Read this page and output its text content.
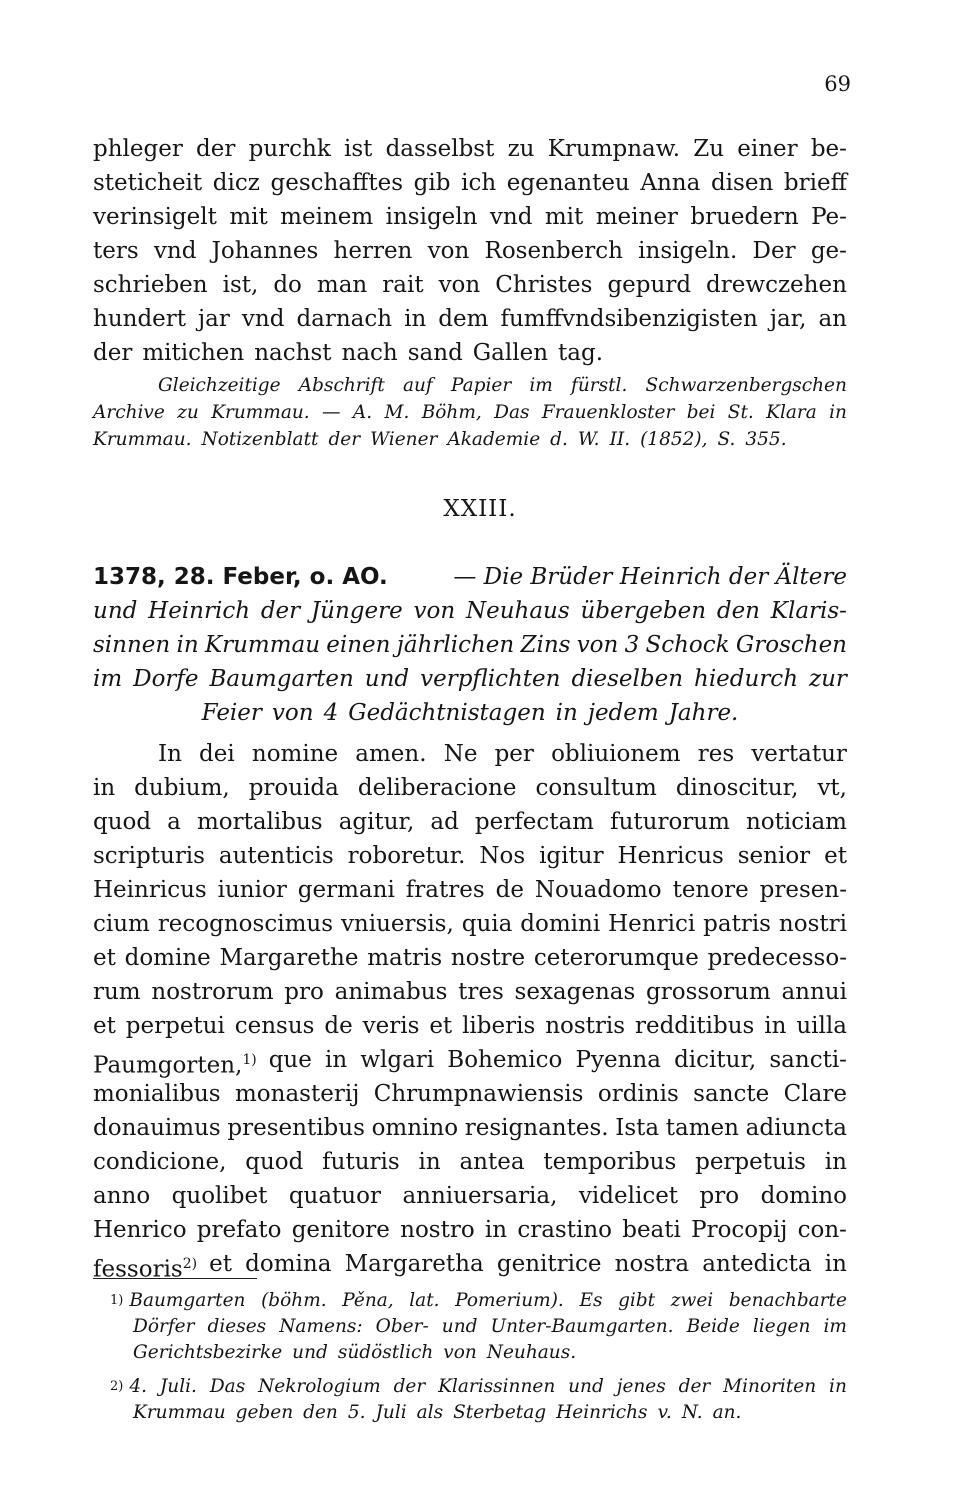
69
phleger der purchk ist dasselbst zu Krumpnaw. Zu einer be-
steticheit dicz geschafftes gib ich egenanteu Anna disen brieff
verinsigelt mit meinem insigeln vnd mit meiner bruedern Pe-
ters vnd Johannes herren von Rosenberch insigeln. Der ge-
schrieben ist, do man rait von Christes gepurd drewczehen
hundert jar vnd darnach in dem fumffvndsibenzigisten jar, an
der mitichen nachst nach sand Gallen tag.
Gleichzeitige Abschrift auf Papier im fürstl. Schwarzenbergschen
Archive zu Krummau. — A. M. Böhm, Das Frauenkloster bei St. Klara in
Krummau. Notizenblatt der Wiener Akademie d. W. II. (1852), S. 355.
XXIII.
1378, 28. Feber, o. AO.	— Die Brüder Heinrich der Ältere
und Heinrich der Jüngere von Neuhaus übergeben den Klaris-
sinnen in Krummau einen jährlichen Zins von 3 Schock Groschen
im Dorfe Baumgarten und verpflichten dieselben hiedurch zur
Feier von 4 Gedächtnistagen in jedem Jahre.
In dei nomine amen. Ne per obliuionem res vertatur
in dubium, prouida deliberacione consultum dinoscitur, vt,
quod a mortalibus agitur, ad perfectam futurorum noticiam
scripturis autenticis roboretur. Nos igitur Henricus senior et
Heinricus iunior germani fratres de Nouadomo tenore presen-
cium recognoscimus vniuersis, quia domini Henrici patris nostri
et domine Margarethe matris nostre ceterorumque predecesso-
rum nostrorum pro animabus tres sexagenas grossorum annui
et perpetui census de veris et liberis nostris redditibus in uilla
Paumgorten,$^{1)}$ que in wlgari Bohemico Pyenna dicitur, sancti-
monialibus monasterij Chrumpnawiensis ordinis sancte Clare
donauimus presentibus omnino resignantes. Ista tamen adiuncta
condicione, quod futuris in antea temporibus perpetuis in
anno quolibet quatuor anniuersaria, videlicet pro domino
Henrico prefato genitore nostro in crastino beati Procopij con-
fessoris$^{2)}$ et domina Margaretha genitrice nostra antedicta in
1) Baumgarten (böhm. Pěna, lat. Pomerium). Es gibt zwei benachbarte
Dörfer dieses Namens: Ober- und Unter-Baumgarten. Beide liegen im
Gerichtsbezirke und südöstlich von Neuhaus.
2) 4. Juli. Das Nekrologium der Klarissinnen und jenes der Minoriten in
Krummau geben den 5. Juli als Sterbetag Heinrichs v. N. an.
